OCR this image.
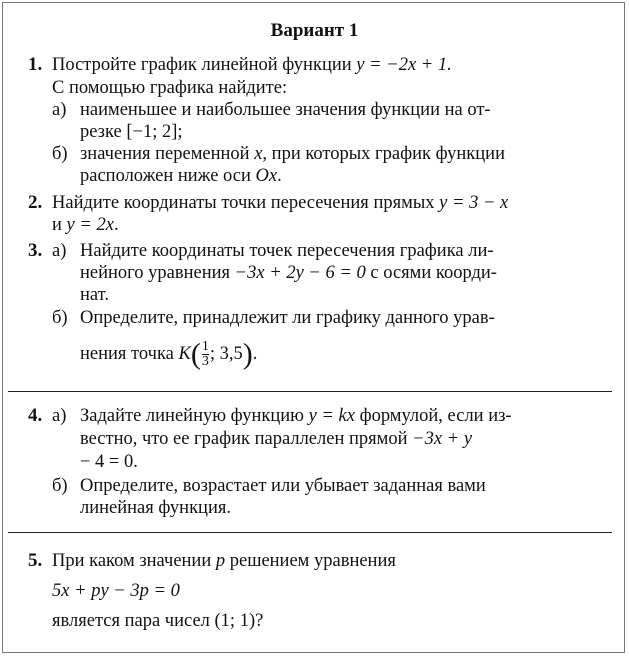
Вариант 1
1. Постройте график линейной функции y = −2x + 1.
С помощью графика найдите:
а) наименьшее и наибольшее значения функции на от-
резке [−1; 2];
б) значения переменной x, при которых график функции
расположен ниже оси Ox.
2. Найдите координаты точки пересечения прямых y = 3 − x
и y = 2x.
3. а) Найдите координаты точек пересечения графика ли-
нейного уравнения −3x + 2y − 6 = 0 с осями коорди-
нат.
б) Определите, принадлежит ли графику данного урав-
нения точка $K( \frac{1}{3}$ ; 3,5).
4. а) Задайте линейную функцию y = kx формулой, если из-
вестно, что ее график параллелен прямой −3x + y
− 4 = 0.
б) Определите, возрастает или убывает заданная вами
линейная функция.
5. При каком значении p решением уравнения
5x + py − 3p = 0
является пара чисел (1; 1)?
